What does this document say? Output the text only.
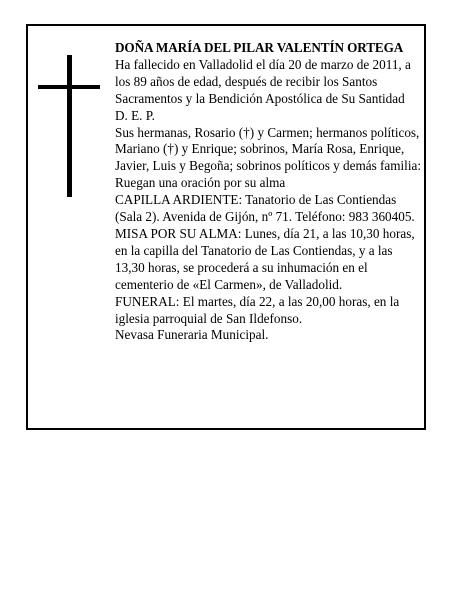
DOÑA MARÍA DEL PILAR VALENTÍN ORTEGA

Ha fallecido en Valladolid el día 20 de marzo de 2011, a los 89 años de edad, después de recibir los Santos Sacramentos y la Bendición Apostólica de Su Santidad

D. E. P.

Sus hermanas, Rosario (†) y Carmen; hermanos políticos, Mariano (†) y Enrique; sobrinos, María Rosa, Enrique, Javier, Luis y Begoña; sobrinos políticos y demás familia:

Ruegan una oración por su alma

CAPILLA ARDIENTE: Tanatorio de Las Contiendas (Sala 2). Avenida de Gijón, nº 71. Teléfono: 983 360405.

MISA POR SU ALMA: Lunes, día 21, a las 10,30 horas, en la capilla del Tanatorio de Las Contiendas, y a las 13,30 horas, se procederá a su inhumación en el cementerio de «El Carmen», de Valladolid.

FUNERAL: El martes, día 22, a las 20,00 horas, en la iglesia parroquial de San Ildefonso.

Nevasa Funeraria Municipal.
